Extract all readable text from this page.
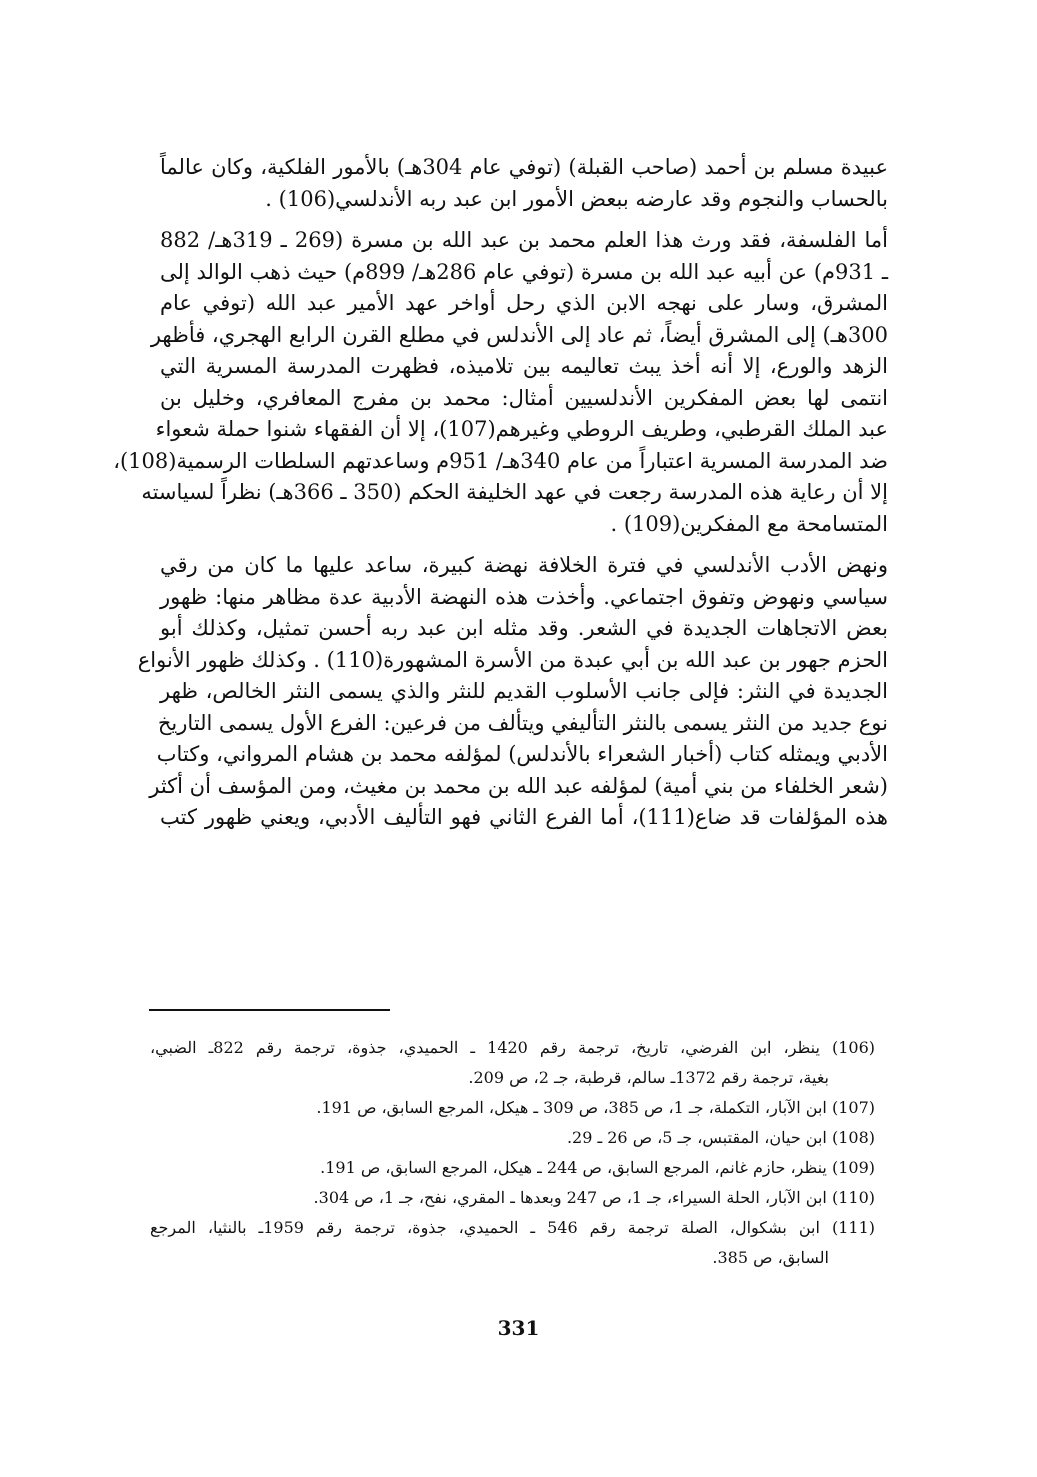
عبيدة مسلم بن أحمد (صاحب القبلة) (توفي عام 304هـ) بالأمور الفلكية، وكان عالماً
بالحساب والنجوم وقد عارضه ببعض الأمور ابن عبد ربه الأندلسي(106) .
أما الفلسفة، فقد ورث هذا العلم محمد بن عبد الله بن مسرة (269 ـ 319هـ/ 882
ـ 931م) عن أبيه عبد الله بن مسرة (توفي عام 286هـ/ 899م) حيث ذهب الوالد إلى
المشرق، وسار على نهجه الابن الذي رحل أواخر عهد الأمير عبد الله (توفي عام
300هـ) إلى المشرق أيضاً، ثم عاد إلى الأندلس في مطلع القرن الرابع الهجري، فأظهر
الزهد والورع، إلا أنه أخذ يبث تعاليمه بين تلاميذه، فظهرت المدرسة المسرية التي
انتمى لها بعض المفكرين الأندلسيين أمثال: محمد بن مفرج المعافري، وخليل بن
عبد الملك القرطبي، وطريف الروطي وغيرهم(107)، إلا أن الفقهاء شنوا حملة شعواء
ضد المدرسة المسرية اعتباراً من عام 340هـ/ 951م وساعدتهم السلطات الرسمية(108)،
إلا أن رعاية هذه المدرسة رجعت في عهد الخليفة الحكم (350 ـ 366هـ) نظراً لسياسته
المتسامحة مع المفكرين(109) .
ونهض الأدب الأندلسي في فترة الخلافة نهضة كبيرة، ساعد عليها ما كان من رقي
سياسي ونهوض وتفوق اجتماعي. وأخذت هذه النهضة الأدبية عدة مظاهر منها: ظهور
بعض الاتجاهات الجديدة في الشعر. وقد مثله ابن عبد ربه أحسن تمثيل، وكذلك أبو
الحزم جهور بن عبد الله بن أبي عبدة من الأسرة المشهورة(110) . وكذلك ظهور الأنواع
الجديدة في النثر: فإلى جانب الأسلوب القديم للنثر والذي يسمى النثر الخالص، ظهر
نوع جديد من النثر يسمى بالنثر التأليفي ويتألف من فرعين: الفرع الأول يسمى التاريخ
الأدبي ويمثله كتاب (أخبار الشعراء بالأندلس) لمؤلفه محمد بن هشام المرواني، وكتاب
(شعر الخلفاء من بني أمية) لمؤلفه عبد الله بن محمد بن مغيث، ومن المؤسف أن أكثر
هذه المؤلفات قد ضاع(111)، أما الفرع الثاني فهو التأليف الأدبي، ويعني ظهور كتب
(106) ينظر، ابن الفرضي، تاريخ، ترجمة رقم 1420 ـ الحميدي، جذوة، ترجمة رقم 822ـ الضبي،
بغية، ترجمة رقم 1372ـ سالم، قرطبة، جـ 2، ص 209.
(107) ابن الآبار، التكملة، جـ 1، ص 385، ص 309 ـ هيكل، المرجع السابق، ص 191.
(108) ابن حيان، المقتبس، جـ 5، ص 26 ـ 29.
(109) ينظر، حازم غانم، المرجع السابق، ص 244 ـ هيكل، المرجع السابق، ص 191.
(110) ابن الآبار، الحلة السيراء، جـ 1، ص 247 وبعدها ـ المقري، نفح، جـ 1، ص 304.
(111) ابن بشكوال، الصلة ترجمة رقم 546 ـ الحميدي، جذوة، ترجمة رقم 1959ـ بالنثيا، المرجع
السابق، ص 385.
331
